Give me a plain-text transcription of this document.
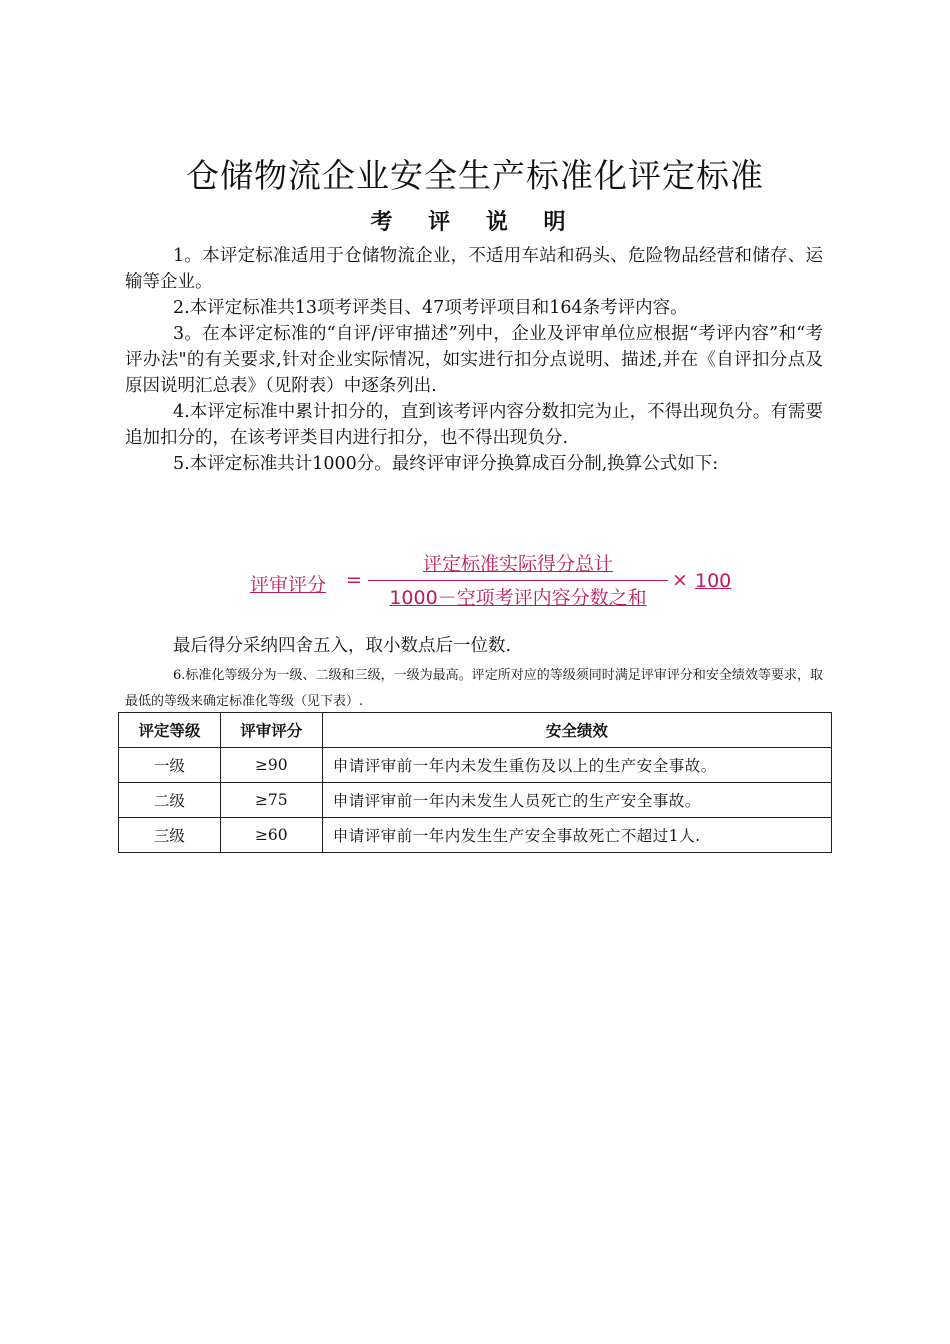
仓储物流企业安全生产标准化评定标准
考 评 说 明

1。本评定标准适用于仓储物流企业，不适用车站和码头、危险物品经营和储存、运输等企业。

2.本评定标准共13项考评类目、47项考评项目和164条考评内容。

3。在本评定标准的“自评/评审描述”列中，企业及评审单位应根据“考评内容”和“考评办法"的有关要求,针对企业实际情况，如实进行扣分点说明、描述,并在《自评扣分点及原因说明汇总表》（见附表）中逐条列出.

4.本评定标准中累计扣分的，直到该考评内容分数扣完为止，不得出现负分。有需要追加扣分的，在该考评类目内进行扣分，也不得出现负分.

5.本评定标准共计1000分。最终评审评分换算成百分制,换算公式如下:

评审评分 =
评定标准实际得分总计
1000－空项考评内容分数之和
× 100
最后得分采纳四舍五入，取小数点后一位数.

6.标准化等级分为一级、二级和三级，一级为最高。评定所对应的等级须同时满足评审评分和安全绩效等要求，取最低的等级来确定标准化等级（见下表）.

评定等级	评审评分	安全绩效
一级	≥90	申请评审前一年内未发生重伤及以上的生产安全事故。
二级	≥75	申请评审前一年内未发生人员死亡的生产安全事故。
三级	≥60	申请评审前一年内发生生产安全事故死亡不超过1人.
